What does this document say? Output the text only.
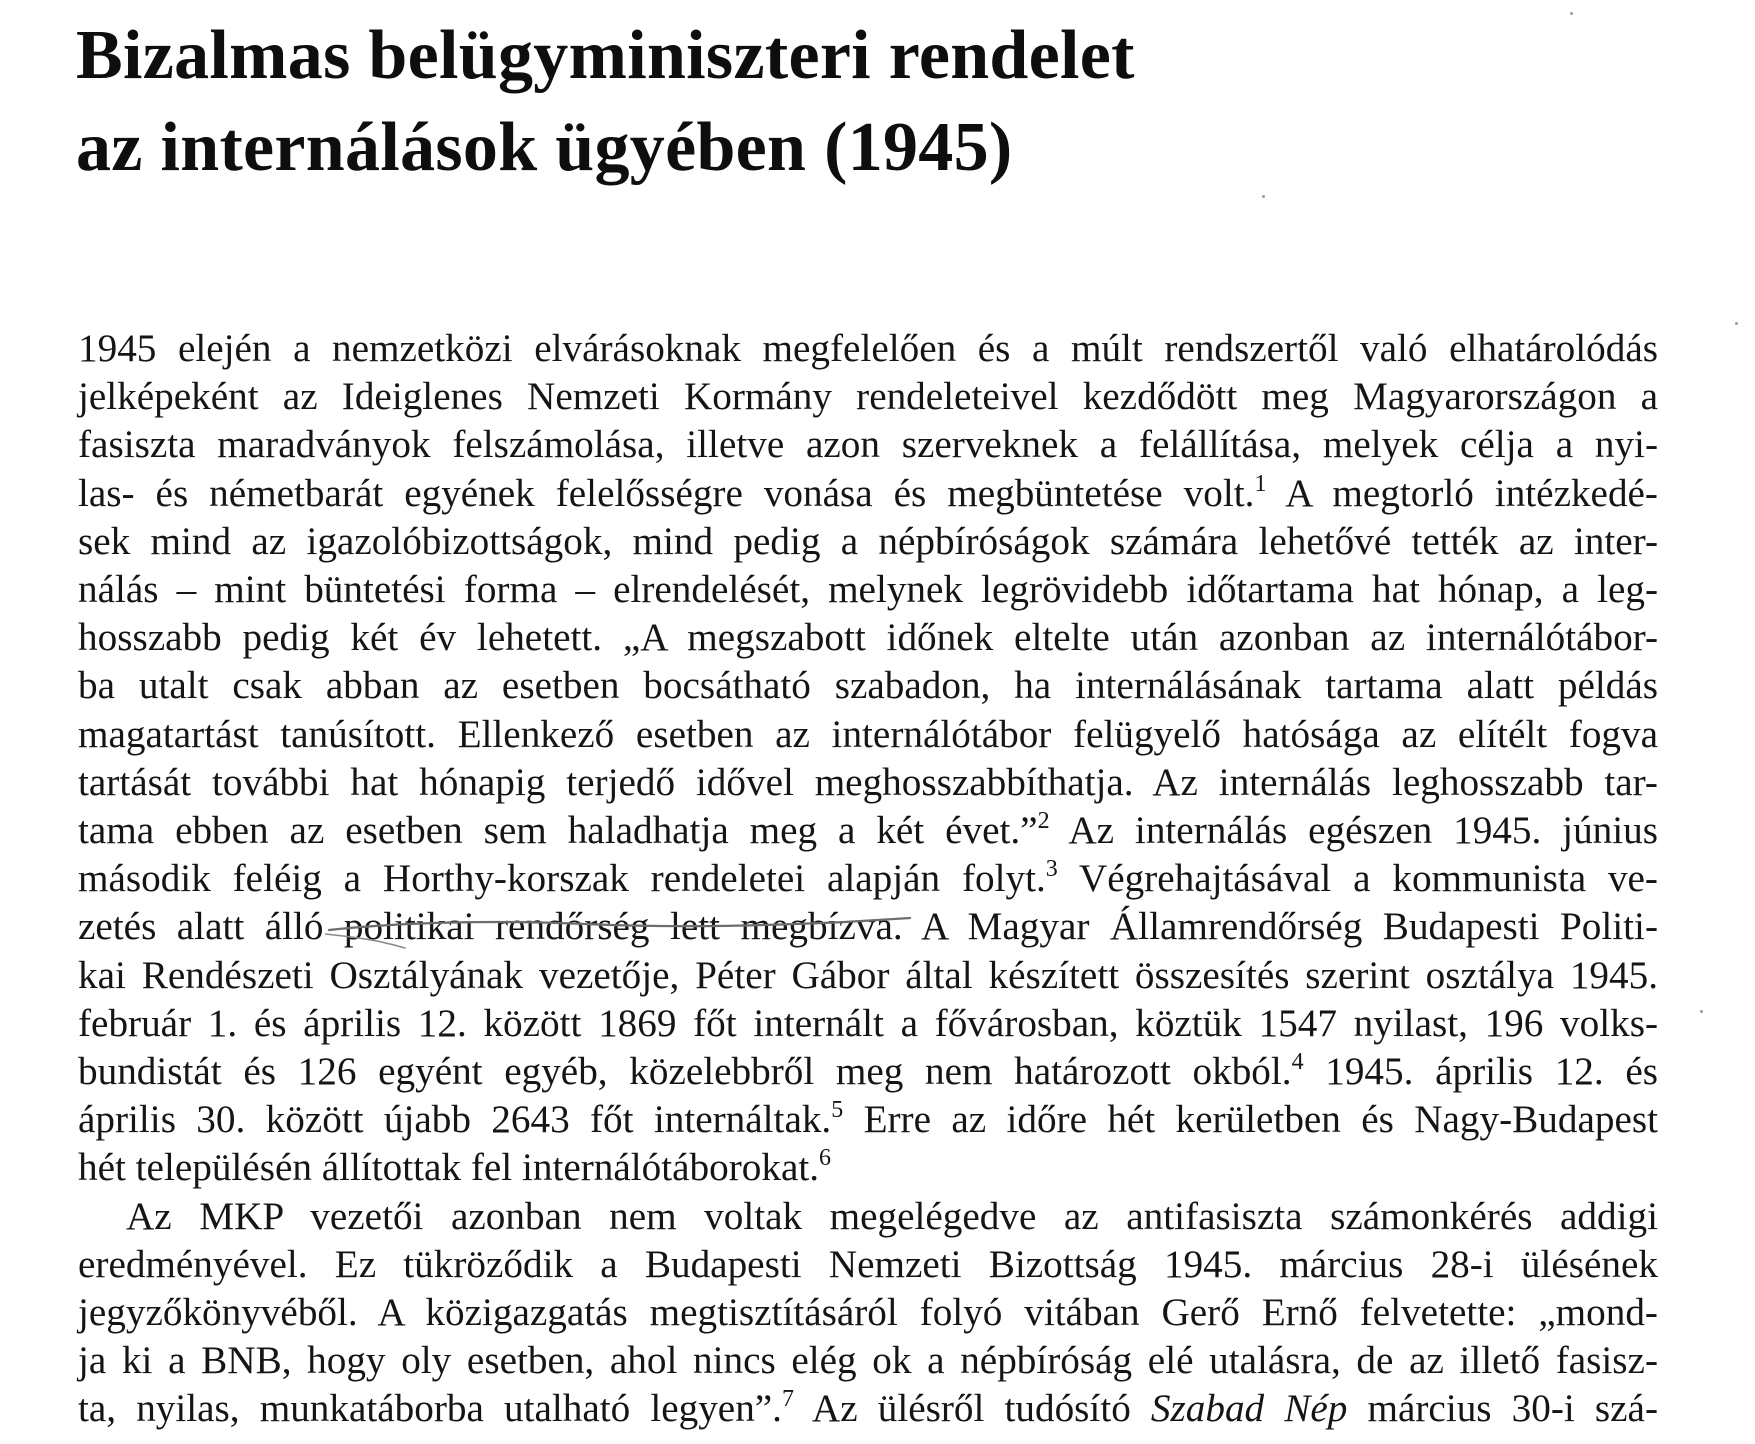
Bizalmas belügyminiszteri rendelet
az internálások ügyében (1945)
1945 elején a nemzetközi elvárásoknak megfelelően és a múlt rendszertől való elhatárolódás
jelképeként az Ideiglenes Nemzeti Kormány rendeleteivel kezdődött meg Magyarországon a
fasiszta maradványok felszámolása, illetve azon szerveknek a felállítása, melyek célja a nyi-
las- és németbarát egyének felelősségre vonása és megbüntetése volt.$^1$ A megtorló intézkedé-
sek mind az igazolóbizottságok, mind pedig a népbíróságok számára lehetővé tették az inter-
nálás – mint büntetési forma – elrendelését, melynek legrövidebb időtartama hat hónap, a leg-
hosszabb pedig két év lehetett. „A megszabott időnek eltelte után azonban az internálótábor-
ba utalt csak abban az esetben bocsátható szabadon, ha internálásának tartama alatt példás
magatartást tanúsított. Ellenkező esetben az internálótábor felügyelő hatósága az elítélt fogva
tartását további hat hónapig terjedő idővel meghosszabbíthatja. Az internálás leghosszabb tar-
tama ebben az esetben sem haladhatja meg a két évet.”$^2$ Az internálás egészen 1945. június
második feléig a Horthy-korszak rendeletei alapján folyt.$^3$ Végrehajtásával a kommunista ve-
zetés alatt álló politikai rendőrség lett megbízva. A Magyar Államrendőrség Budapesti Politi-
kai Rendészeti Osztályának vezetője, Péter Gábor által készített összesítés szerint osztálya 1945.
február 1. és április 12. között 1869 főt internált a fővárosban, köztük 1547 nyilast, 196 volks-
bundistát és 126 egyént egyéb, közelebbről meg nem határozott okból.$^4$ 1945. április 12. és
április 30. között újabb 2643 főt internáltak.$^5$ Erre az időre hét kerületben és Nagy-Budapest
hét településén állítottak fel internálótáborokat.$^6$
Az MKP vezetői azonban nem voltak megelégedve az antifasiszta számonkérés addigi
eredményével. Ez tükröződik a Budapesti Nemzeti Bizottság 1945. március 28-i ülésének
jegyzőkönyvéből. A közigazgatás megtisztításáról folyó vitában Gerő Ernő felvetette: „mond-
ja ki a BNB, hogy oly esetben, ahol nincs elég ok a népbíróság elé utalásra, de az illető fasisz-
ta, nyilas, munkatáborba utalható legyen”.$^7$ Az ülésről tudósító Szabad Nép március 30-i szá-
